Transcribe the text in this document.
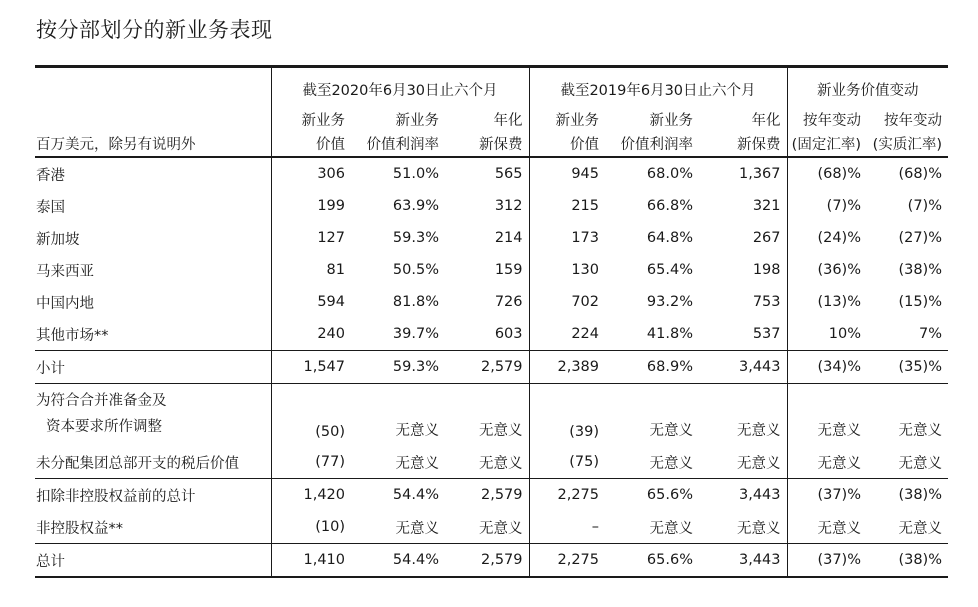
按分部划分的新业务表现
	截至2020年6月30日止六个月			截至2019年6月30日止六个月			新业务价值变动	
	新业务	新业务	年化	新业务	新业务	年化	按年变动	按年变动
百万美元，除另有说明外	价值	价值利润率	新保费	价值	价值利润率	新保费	(固定汇率)	(实质汇率)
香港	306	51.0%	565	945	68.0%	1,367	(68)%	(68)%
泰国	199	63.9%	312	215	66.8%	321	(7)%	(7)%
新加坡	127	59.3%	214	173	64.8%	267	(24)%	(27)%
马来西亚	81	50.5%	159	130	65.4%	198	(36)%	(38)%
中国内地	594	81.8%	726	702	93.2%	753	(13)%	(15)%
其他市场**	240	39.7%	603	224	41.8%	537	10%	7%
小计	1,547	59.3%	2,579	2,389	68.9%	3,443	(34)%	(35)%

为符合合并准备金及
资本要求所作调整	(50)	无意义	无意义	(39)	无意义	无意义	无意义	无意义
未分配集团总部开支的税后价值	(77)	无意义	无意义	(75)	无意义	无意义	无意义	无意义
扣除非控股权益前的总计	1,420	54.4%	2,579	2,275	65.6%	3,443	(37)%	(38)%
非控股权益**	(10)	无意义	无意义	–	无意义	无意义	无意义	无意义
总计	1,410	54.4%	2,579	2,275	65.6%	3,443	(37)%	(38)%
